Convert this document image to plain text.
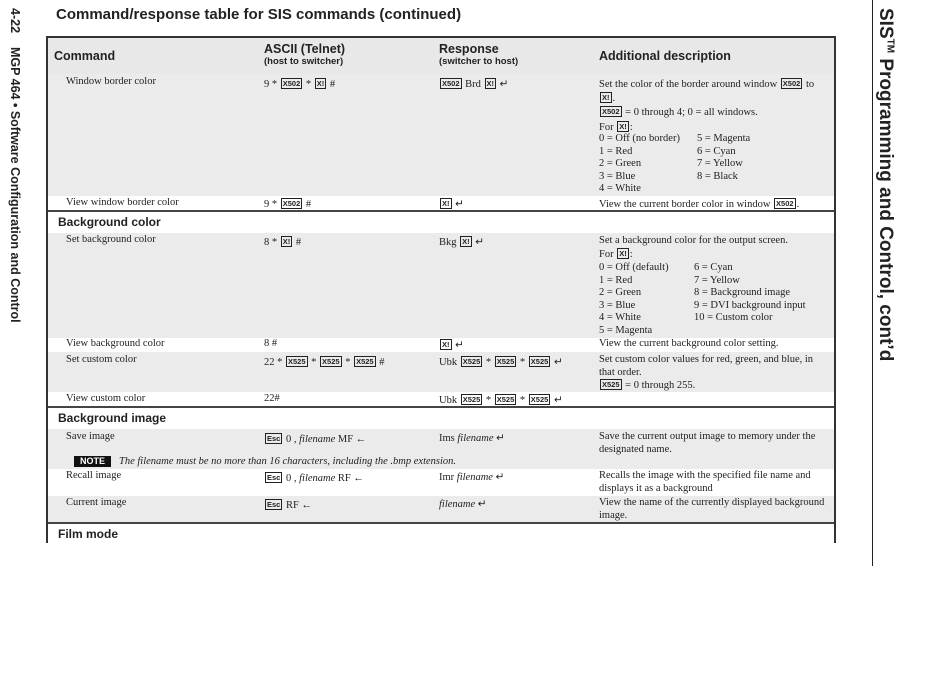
4-22    MGP 464 • Software Configuration and Control
SIS™ Programming and Control, cont’d
Command/response table for SIS commands (continued)
Command	ASCII (Telnet)
(host to switcher)
Response
(switcher to host)	Additional description
Window border color	9 * X502 * X! #	X502 Brd X! ↵	Set the color of the border around window X502 to
X! .
X502 = 0 through 4; 0 = all windows.
For X! :
0 = Off (no border)
1 = Red
2 = Green
3 = Blue
4 = White
5 = Magenta
6 = Cyan
7 = Yellow
8 = Black
View window border color	9 * X502 #	X! ↵	View the current border color in window X502 .
Background color
Set background color	8 * X! #	Bkg X! ↵	Set a background color for the output screen.
For X! :
0 = Off (default)
1 = Red
2 = Green
3 = Blue
4 = White
5 = Magenta
6 = Cyan
7 = Yellow
8 = Background image
9 = DVI background input
10 = Custom color
View background color	8 #	X! ↵	View the current background color setting.
Set custom color	22 * X525 * X525 * X525 #	Ubk X525 * X525 * X525 ↵	Set custom color values for red, green, and blue, in that order.
X525 = 0 through 255.
View custom color	22#	Ubk X525 * X525 * X525 ↵
Background image
Save image	Esc 0 , filename MF ←	Ims filename ↵	Save the current output image to memory under the designated name.
NOTE The filename must be no more than 16 characters, including the .bmp extension.
Recall image	Esc 0 , filename RF ←	Imr filename ↵	Recalls the image with the specified file name and displays it as a background
Current image	Esc RF ←	filename ↵	View the name of the currently displayed background image.
Film mode
